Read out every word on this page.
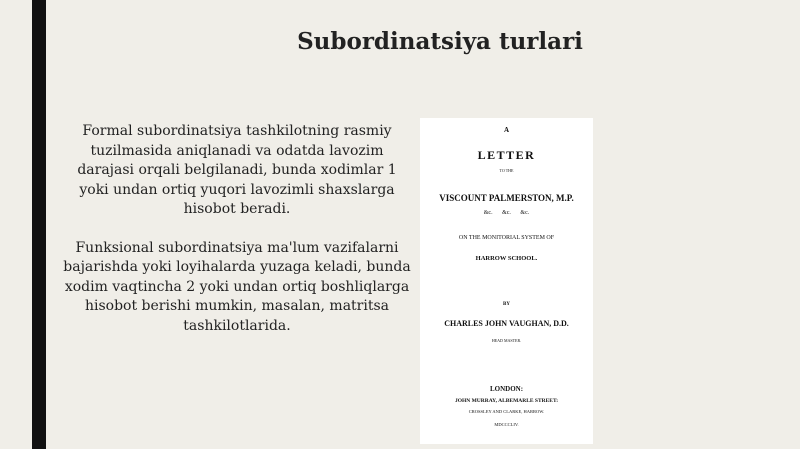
Subordinatsiya turlari

Formal subordinatsiya tashkilotning rasmiy tuzilmasida aniqlanadi va odatda lavozim darajasi orqali belgilanadi, bunda xodimlar 1 yoki undan ortiq yuqori lavozimli shaxslarga hisobot beradi.

Funksional subordinatsiya ma'lum vazifalarni bajarishda yoki loyihalarda yuzaga keladi, bunda xodim vaqtincha 2 yoki undan ortiq boshliqlarga hisobot berishi mumkin, masalan, matritsa tashkilotlarida.

A
LETTER
TO THE
VISCOUNT PALMERSTON, M.P.
&c. &c. &c.
ON THE MONITORIAL SYSTEM OF
HARROW SCHOOL.
BY
CHARLES JOHN VAUGHAN, D.D.
HEAD MASTER.
LONDON:
JOHN MURRAY, ALBEMARLE STREET:
CROSSLEY AND CLARKE, HARROW.
MDCCCLIV.
